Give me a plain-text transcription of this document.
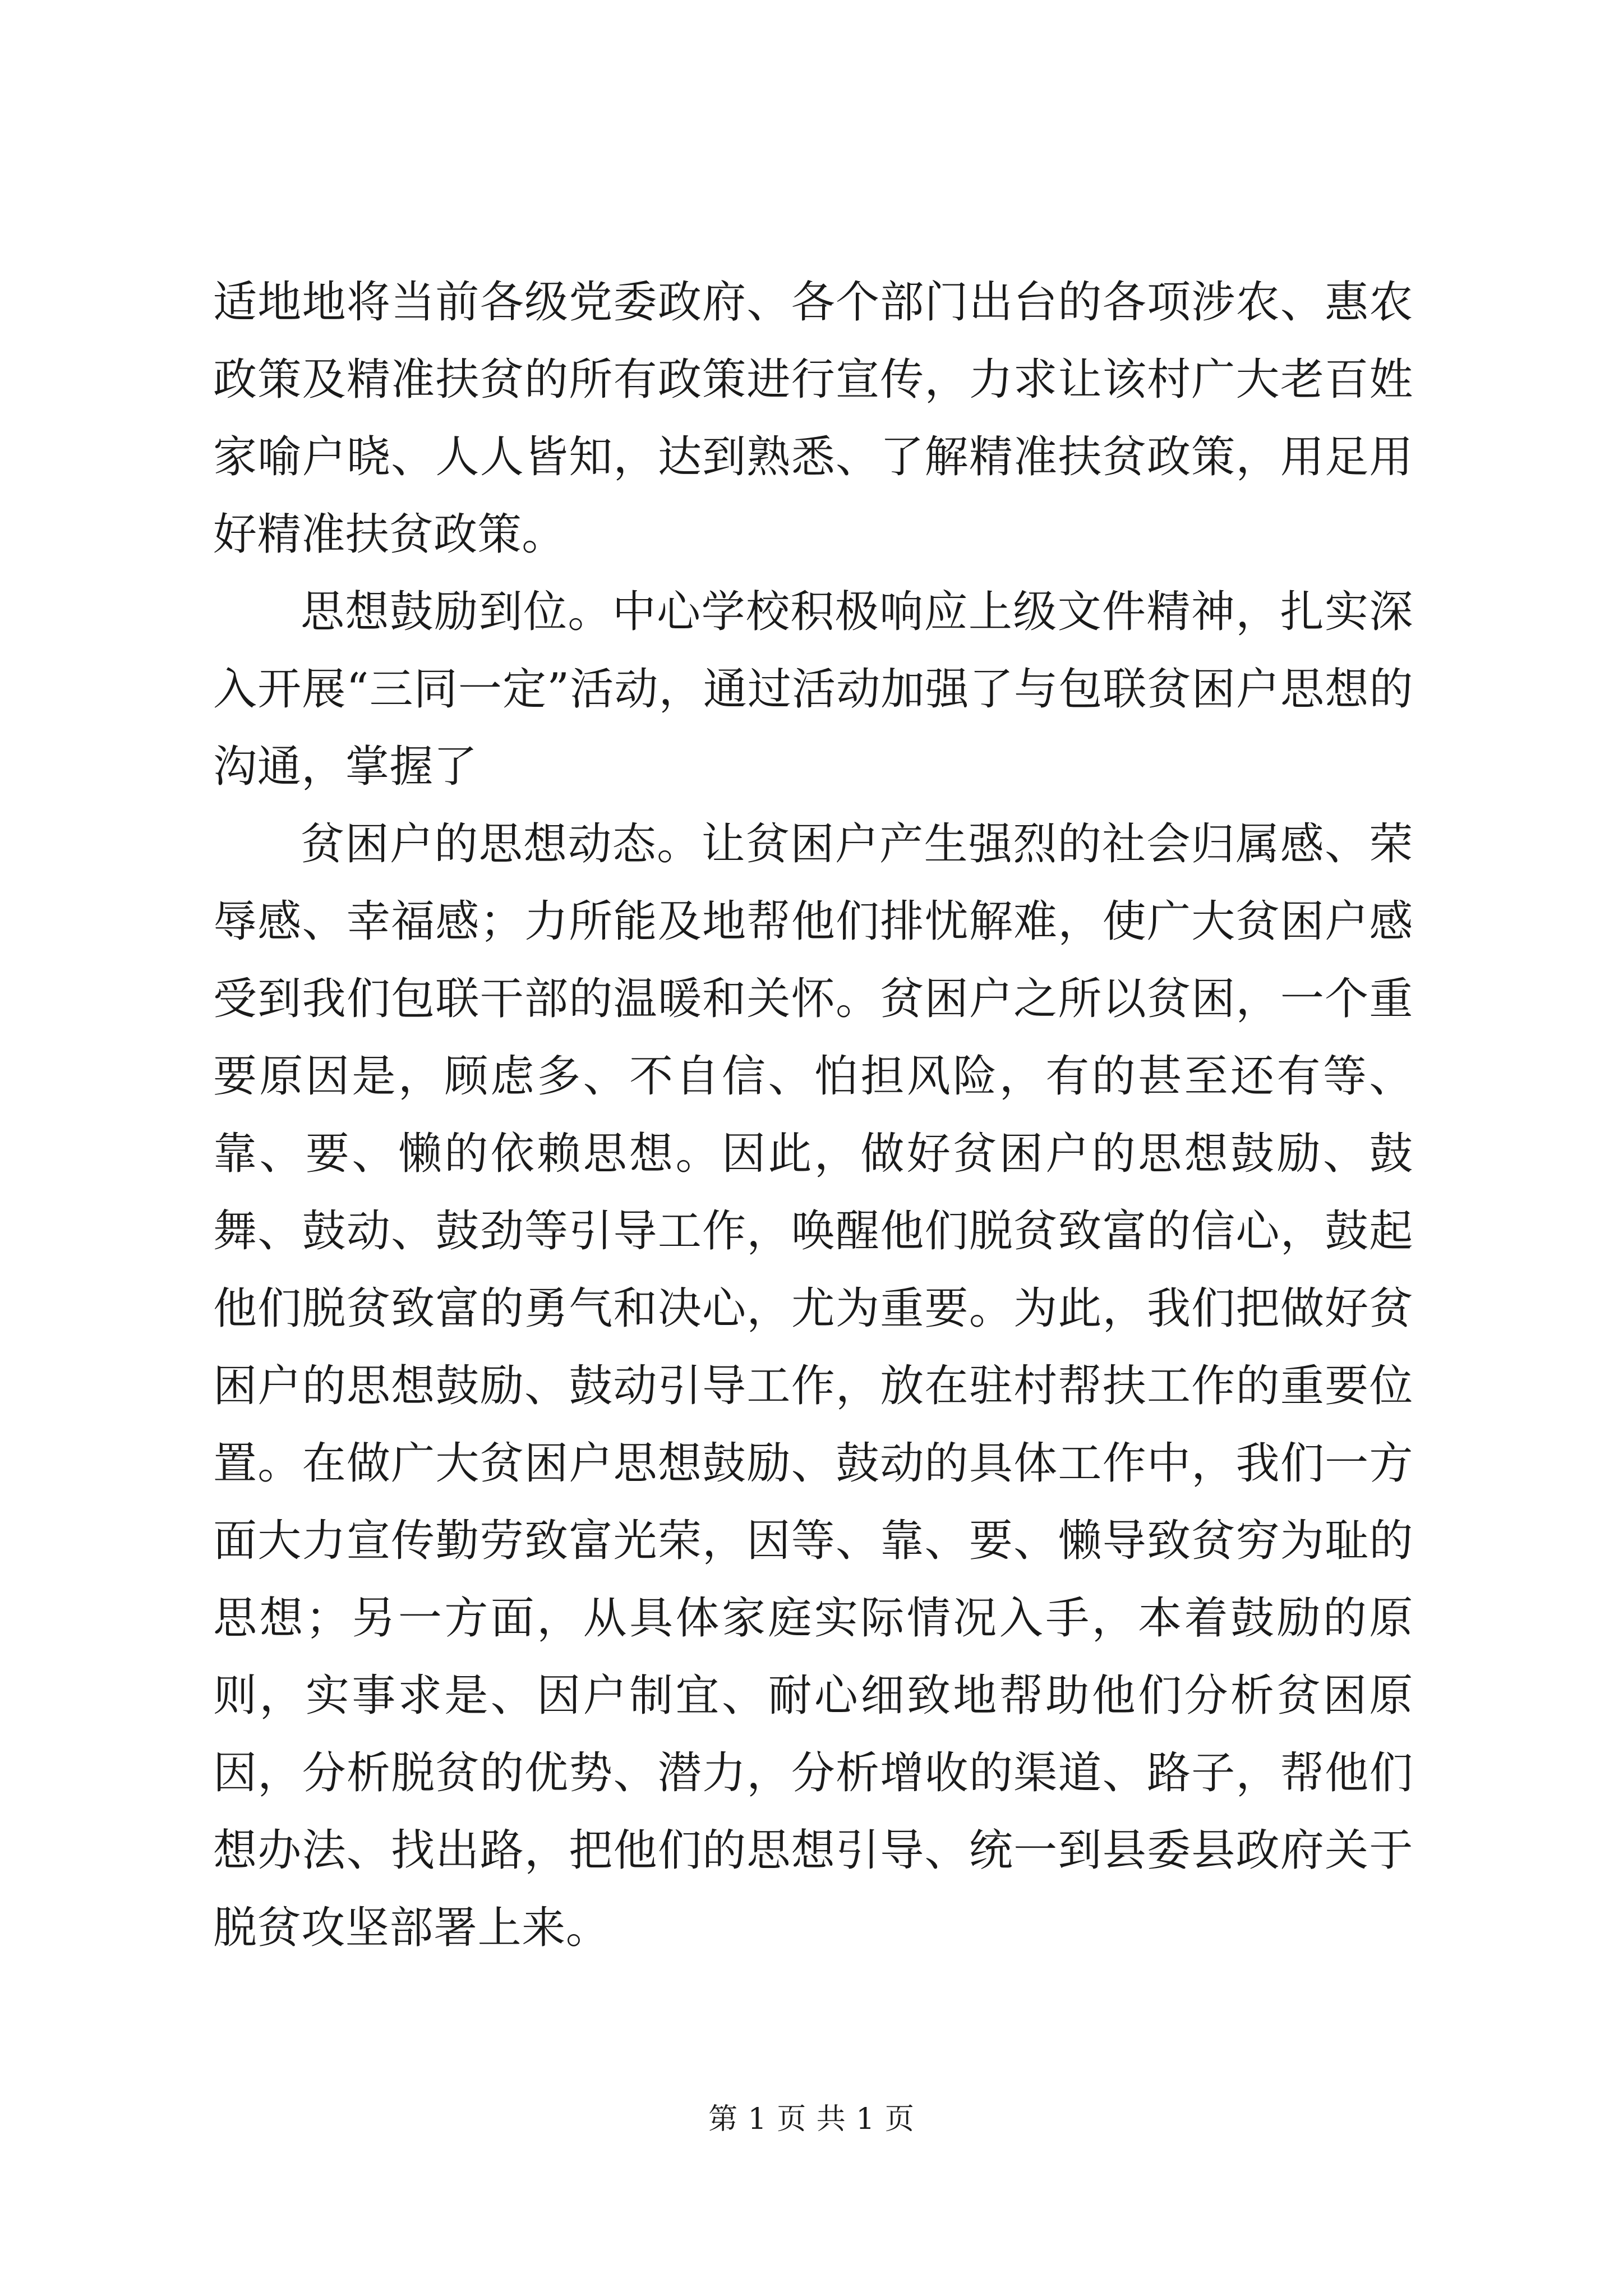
适地地将当前各级党委政府、各个部门出台的各项涉农、惠农政策及精准扶贫的所有政策进行宣传，力求让该村广大老百姓家喻户晓、人人皆知，达到熟悉、了解精准扶贫政策，用足用好精准扶贫政策。

思想鼓励到位。中心学校积极响应上级文件精神，扎实深入开展“三同一定”活动，通过活动加强了与包联贫困户思想的沟通，掌握了

贫困户的思想动态。让贫困户产生强烈的社会归属感、荣辱感、幸福感；力所能及地帮他们排忧解难，使广大贫困户感受到我们包联干部的温暖和关怀。贫困户之所以贫困，一个重要原因是，顾虑多、不自信、怕担风险，有的甚至还有等、靠、要、懒的依赖思想。因此，做好贫困户的思想鼓励、鼓舞、鼓动、鼓劲等引导工作，唤醒他们脱贫致富的信心，鼓起他们脱贫致富的勇气和决心，尤为重要。为此，我们把做好贫困户的思想鼓励、鼓动引导工作，放在驻村帮扶工作的重要位置。在做广大贫困户思想鼓励、鼓动的具体工作中，我们一方面大力宣传勤劳致富光荣，因等、靠、要、懒导致贫穷为耻的思想；另一方面，从具体家庭实际情况入手，本着鼓励的原则，实事求是、因户制宜、耐心细致地帮助他们分析贫困原因，分析脱贫的优势、潜力，分析增收的渠道、路子，帮他们想办法、找出路，把他们的思想引导、统一到县委县政府关于脱贫攻坚部署上来。

第 1 页 共 1 页
